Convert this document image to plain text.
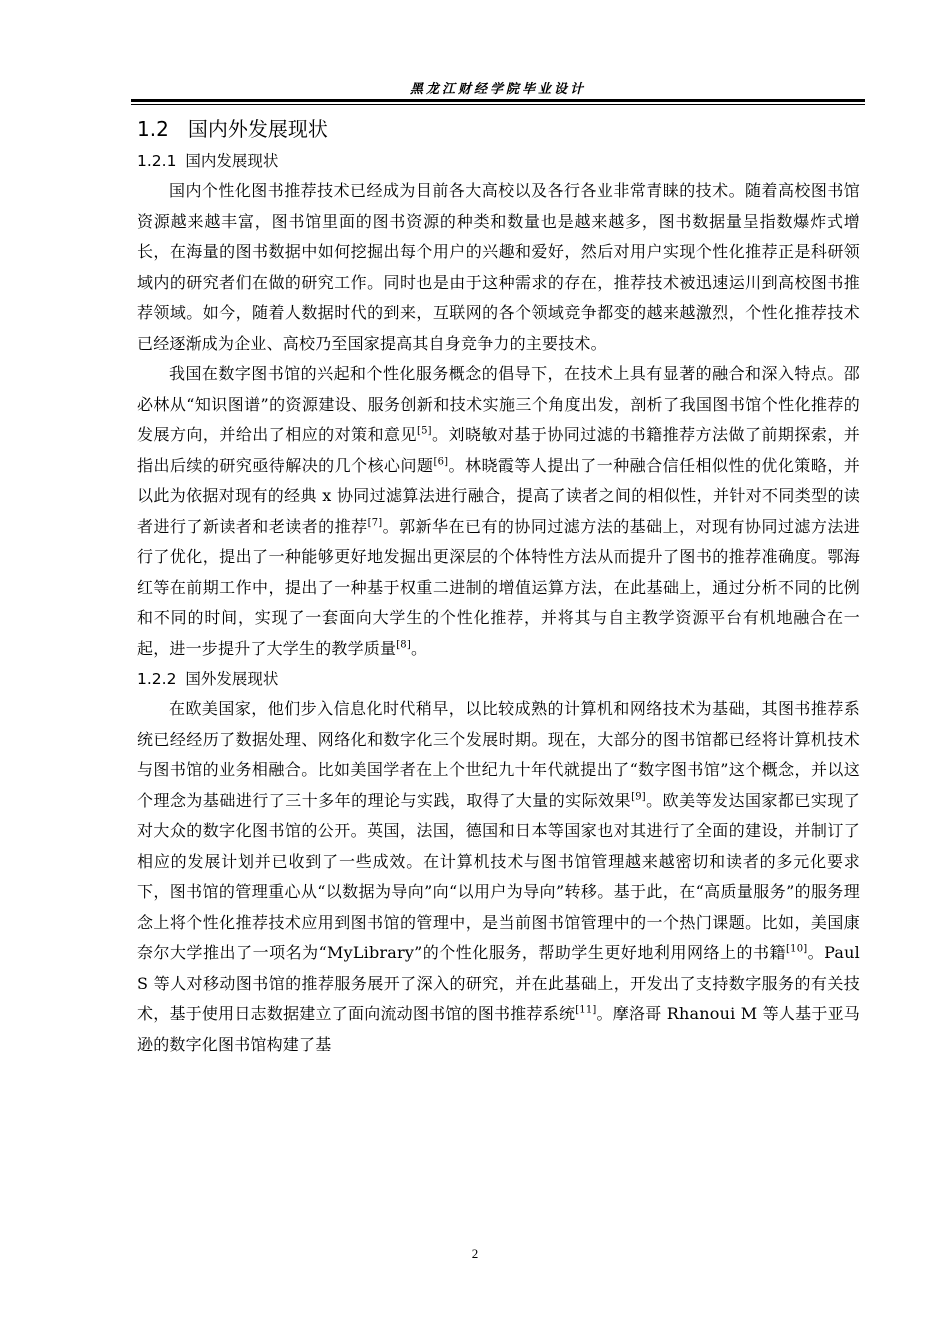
黑龙江财经学院毕业设计
1.2 国内外发展现状
1.2.1 国内发展现状

国内个性化图书推荐技术已经成为目前各大高校以及各行各业非常青睐的技术。随着高校图书馆资源越来越丰富，图书馆里面的图书资源的种类和数量也是越来越多，图书数据量呈指数爆炸式增长，在海量的图书数据中如何挖掘出每个用户的兴趣和爱好，然后对用户实现个性化推荐正是科研领域内的研究者们在做的研究工作。同时也是由于这种需求的存在，推荐技术被迅速运川到高校图书推荐领域。如今，随着人数据时代的到来，互联网的各个领域竞争都变的越来越激烈，个性化推荐技术已经逐渐成为企业、高校乃至国家提高其自身竞争力的主要技术。

我国在数字图书馆的兴起和个性化服务概念的倡导下，在技术上具有显著的融合和深入特点。邵必林从“知识图谱”的资源建设、服务创新和技术实施三个角度出发，剖析了我国图书馆个性化推荐的发展方向，并给出了相应的对策和意见[5]。刘晓敏对基于协同过滤的书籍推荐方法做了前期探索，并指出后续的研究亟待解决的几个核心问题[6]。林晓霞等人提出了一种融合信任相似性的优化策略，并以此为依据对现有的经典 x 协同过滤算法进行融合，提高了读者之间的相似性，并针对不同类型的读者进行了新读者和老读者的推荐[7]。郭新华在已有的协同过滤方法的基础上，对现有协同过滤方法进行了优化，提出了一种能够更好地发掘出更深层的个体特性方法从而提升了图书的推荐准确度。鄂海红等在前期工作中，提出了一种基于权重二进制的增值运算方法，在此基础上，通过分析不同的比例和不同的时间，实现了一套面向大学生的个性化推荐，并将其与自主教学资源平台有机地融合在一起，进一步提升了大学生的教学质量[8]。

1.2.2 国外发展现状

在欧美国家，他们步入信息化时代稍早，以比较成熟的计算机和网络技术为基础，其图书推荐系统已经经历了数据处理、网络化和数字化三个发展时期。现在，大部分的图书馆都已经将计算机技术与图书馆的业务相融合。比如美国学者在上个世纪九十年代就提出了“数字图书馆”这个概念，并以这个理念为基础进行了三十多年的理论与实践，取得了大量的实际效果[9]。欧美等发达国家都已实现了对大众的数字化图书馆的公开。英国，法国，德国和日本等国家也对其进行了全面的建设，并制订了相应的发展计划并已收到了一些成效。在计算机技术与图书馆管理越来越密切和读者的多元化要求下，图书馆的管理重心从“以数据为导向”向“以用户为导向”转移。基于此，在“高质量服务”的服务理念上将个性化推荐技术应用到图书馆的管理中，是当前图书馆管理中的一个热门课题。比如，美国康奈尔大学推出了一项名为“MyLibrary”的个性化服务，帮助学生更好地利用网络上的书籍[10]。Paul S 等人对移动图书馆的推荐服务展开了深入的研究，并在此基础上，开发出了支持数字服务的有关技术，基于使用日志数据建立了面向流动图书馆的图书推荐系统[11]。摩洛哥 Rhanoui M 等人基于亚马逊的数字化图书馆构建了基

2
